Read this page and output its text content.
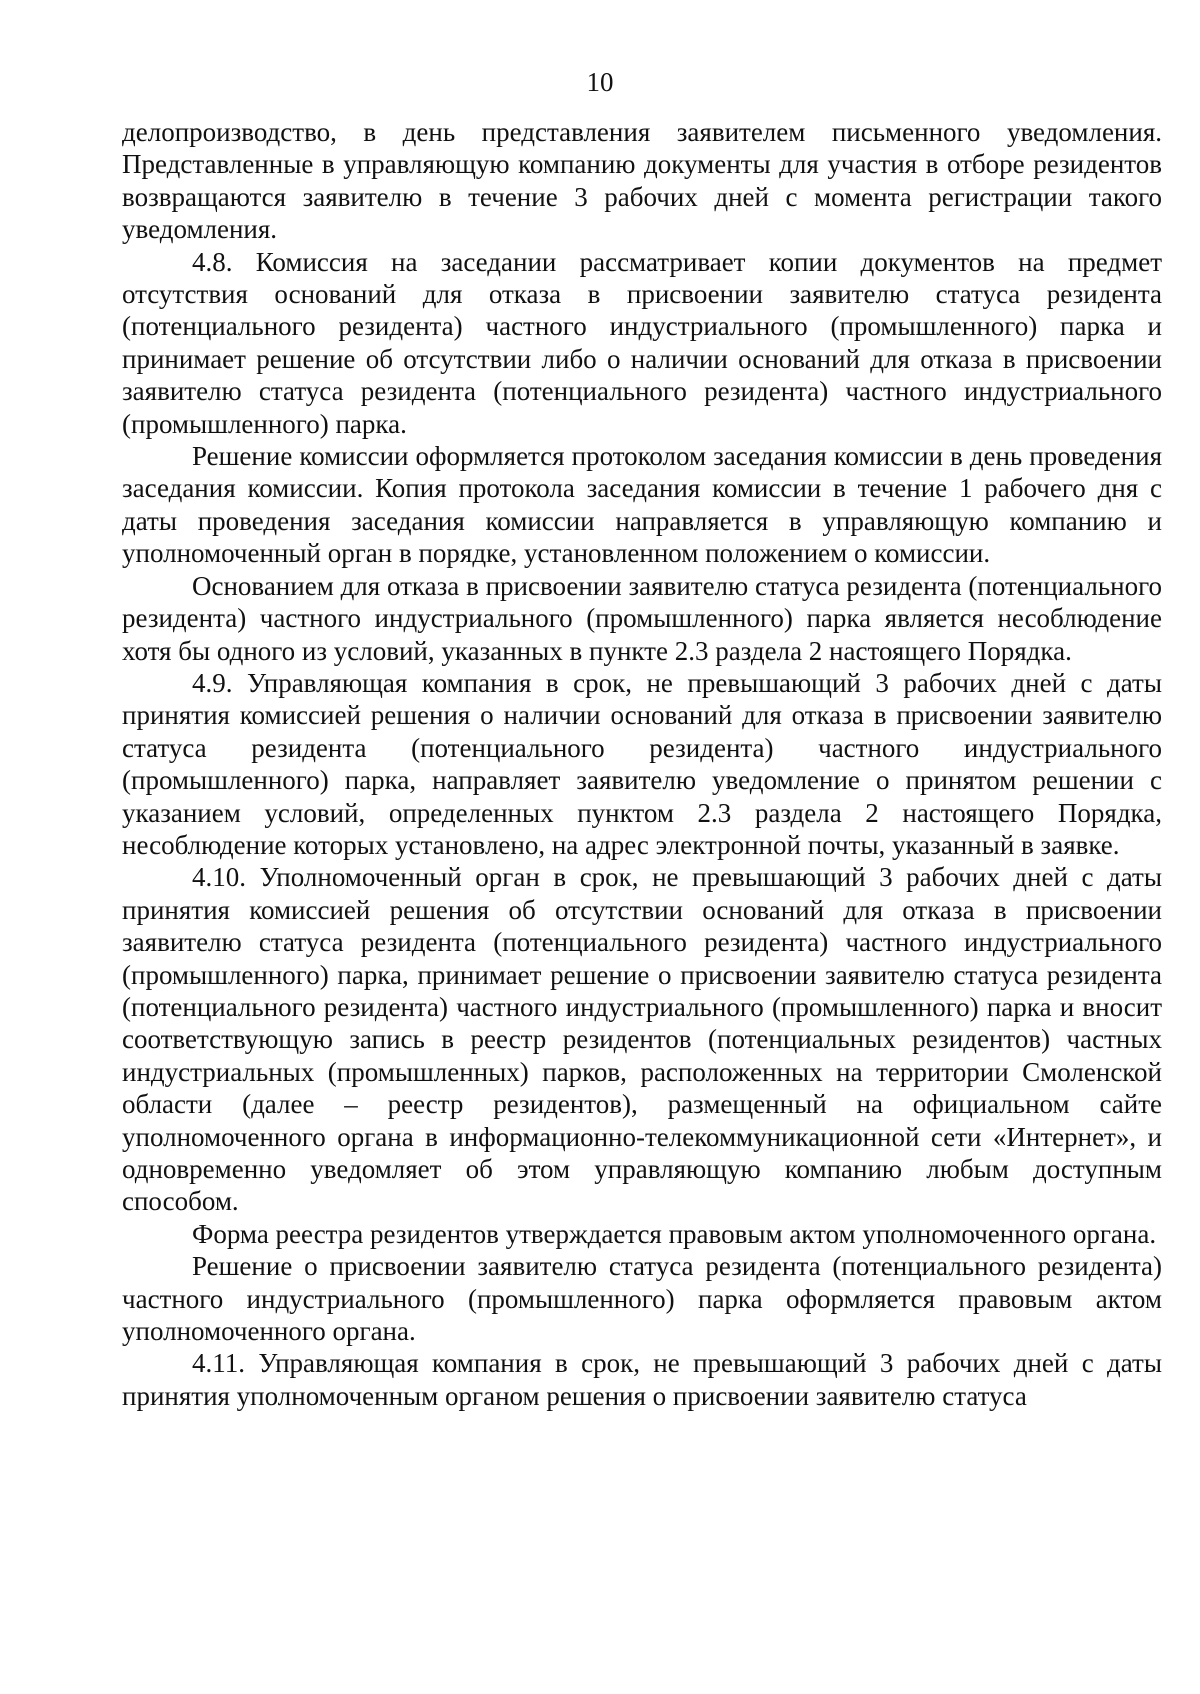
10

делопроизводство, в день представления заявителем письменного уведомления. Представленные в управляющую компанию документы для участия в отборе резидентов возвращаются заявителю в течение 3 рабочих дней с момента регистрации такого уведомления.

4.8. Комиссия на заседании рассматривает копии документов на предмет отсутствия оснований для отказа в присвоении заявителю статуса резидента (потенциального резидента) частного индустриального (промышленного) парка и принимает решение об отсутствии либо о наличии оснований для отказа в присвоении заявителю статуса резидента (потенциального резидента) частного индустриального (промышленного) парка.

Решение комиссии оформляется протоколом заседания комиссии в день проведения заседания комиссии. Копия протокола заседания комиссии в течение 1 рабочего дня с даты проведения заседания комиссии направляется в управляющую компанию и уполномоченный орган в порядке, установленном положением о комиссии.

Основанием для отказа в присвоении заявителю статуса резидента (потенциального резидента) частного индустриального (промышленного) парка является несоблюдение хотя бы одного из условий, указанных в пункте 2.3 раздела 2 настоящего Порядка.

4.9. Управляющая компания в срок, не превышающий 3 рабочих дней с даты принятия комиссией решения о наличии оснований для отказа в присвоении заявителю статуса резидента (потенциального резидента) частного индустриального (промышленного) парка, направляет заявителю уведомление о принятом решении с указанием условий, определенных пунктом 2.3 раздела 2 настоящего Порядка, несоблюдение которых установлено, на адрес электронной почты, указанный в заявке.

4.10. Уполномоченный орган в срок, не превышающий 3 рабочих дней с даты принятия комиссией решения об отсутствии оснований для отказа в присвоении заявителю статуса резидента (потенциального резидента) частного индустриального (промышленного) парка, принимает решение о присвоении заявителю статуса резидента (потенциального резидента) частного индустриального (промышленного) парка и вносит соответствующую запись в реестр резидентов (потенциальных резидентов) частных индустриальных (промышленных) парков, расположенных на территории Смоленской области (далее – реестр резидентов), размещенный на официальном сайте уполномоченного органа в информационно-телекоммуникационной сети «Интернет», и одновременно уведомляет об этом управляющую компанию любым доступным способом.

Форма реестра резидентов утверждается правовым актом уполномоченного органа.

Решение о присвоении заявителю статуса резидента (потенциального резидента) частного индустриального (промышленного) парка оформляется правовым актом уполномоченного органа.

4.11. Управляющая компания в срок, не превышающий 3 рабочих дней с даты принятия уполномоченным органом решения о присвоении заявителю статуса
